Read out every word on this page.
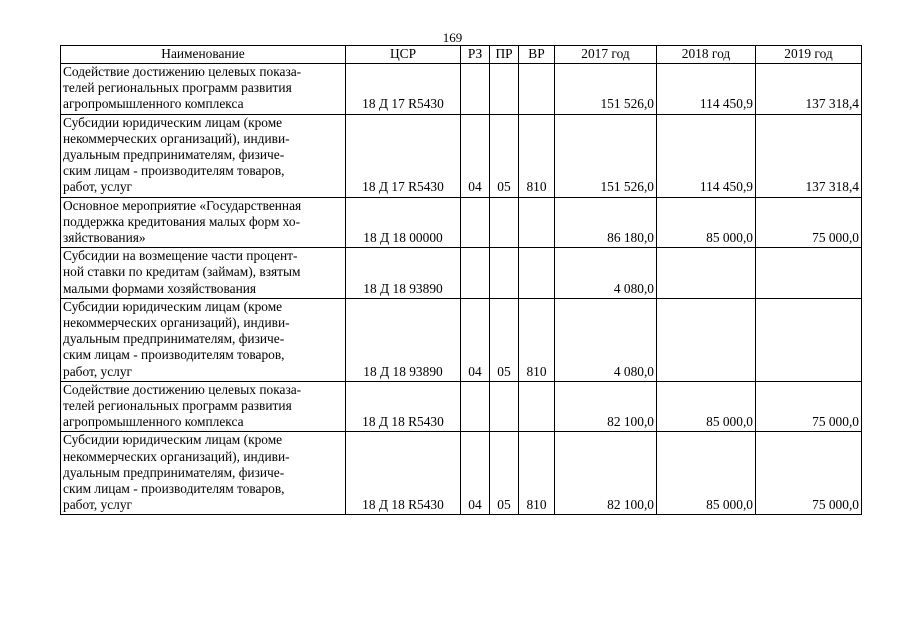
169
Наименование	ЦСР	РЗ	ПР	ВР	2017 год	2018 год	2019 год

Содействие достижению целевых показа-
телей региональных программ развития
агропромышленного комплекса	18 Д 17 R5430				151 526,0	114 450,9	137 318,4

Субсидии юридическим лицам (кроме
некоммерческих организаций), индиви-
дуальным предпринимателям, физиче-
ским лицам - производителям товаров,
работ, услуг	18 Д 17 R5430	04	05	810	151 526,0	114 450,9	137 318,4

Основное мероприятие «Государственная
поддержка кредитования малых форм хо-
зяйствования»	18 Д 18 00000				86 180,0	85 000,0	75 000,0

Субсидии на возмещение части процент-
ной ставки по кредитам (займам), взятым
малыми формами хозяйствования	18 Д 18 93890				4 080,0		

Субсидии юридическим лицам (кроме
некоммерческих организаций), индиви-
дуальным предпринимателям, физиче-
ским лицам - производителям товаров,
работ, услуг	18 Д 18 93890	04	05	810	4 080,0		

Содействие достижению целевых показа-
телей региональных программ развития
агропромышленного комплекса	18 Д 18 R5430				82 100,0	85 000,0	75 000,0

Субсидии юридическим лицам (кроме
некоммерческих организаций), индиви-
дуальным предпринимателям, физиче-
ским лицам - производителям товаров,
работ, услуг	18 Д 18 R5430	04	05	810	82 100,0	85 000,0	75 000,0
